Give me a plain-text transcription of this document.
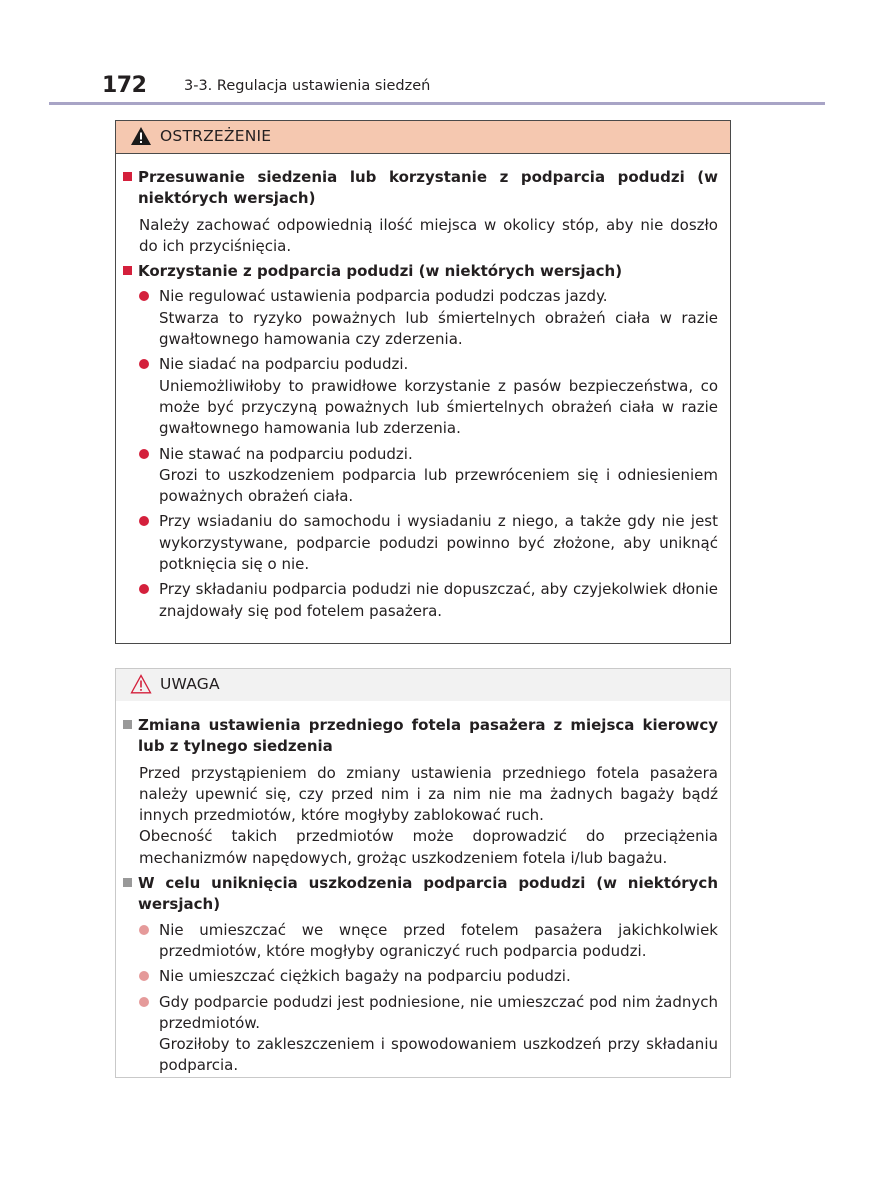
172	3-3. Regulacja ustawienia siedzeń
OSTRZEŻENIE
Przesuwanie siedzenia lub korzystanie z podparcia podudzi (w niektórych wersjach)
Należy zachować odpowiednią ilość miejsca w okolicy stóp, aby nie doszło do ich przyciśnięcia.
Korzystanie z podparcia podudzi (w niektórych wersjach)
Nie regulować ustawienia podparcia podudzi podczas jazdy.
Stwarza to ryzyko poważnych lub śmiertelnych obrażeń ciała w razie gwałtownego hamowania czy zderzenia.
Nie siadać na podparciu podudzi.
Uniemożliwiłoby to prawidłowe korzystanie z pasów bezpieczeństwa, co może być przyczyną poważnych lub śmiertelnych obrażeń ciała w razie gwałtownego hamowania lub zderzenia.
Nie stawać na podparciu podudzi.
Grozi to uszkodzeniem podparcia lub przewróceniem się i odniesieniem poważnych obrażeń ciała.
Przy wsiadaniu do samochodu i wysiadaniu z niego, a także gdy nie jest wykorzystywane, podparcie podudzi powinno być złożone, aby uniknąć potknięcia się o nie.
Przy składaniu podparcia podudzi nie dopuszczać, aby czyjekolwiek dłonie znajdowały się pod fotelem pasażera.
UWAGA
Zmiana ustawienia przedniego fotela pasażera z miejsca kierowcy lub z tylnego siedzenia
Przed przystąpieniem do zmiany ustawienia przedniego fotela pasażera należy upewnić się, czy przed nim i za nim nie ma żadnych bagaży bądź innych przedmiotów, które mogłyby zablokować ruch.
Obecność takich przedmiotów może doprowadzić do przeciążenia mechanizmów napędowych, grożąc uszkodzeniem fotela i/lub bagażu.
W celu uniknięcia uszkodzenia podparcia podudzi (w niektórych wersjach)
Nie umieszczać we wnęce przed fotelem pasażera jakichkolwiek przedmiotów, które mogłyby ograniczyć ruch podparcia podudzi.
Nie umieszczać ciężkich bagaży na podparciu podudzi.
Gdy podparcie podudzi jest podniesione, nie umieszczać pod nim żadnych przedmiotów.
Groziłoby to zakleszczeniem i spowodowaniem uszkodzeń przy składaniu podparcia.
